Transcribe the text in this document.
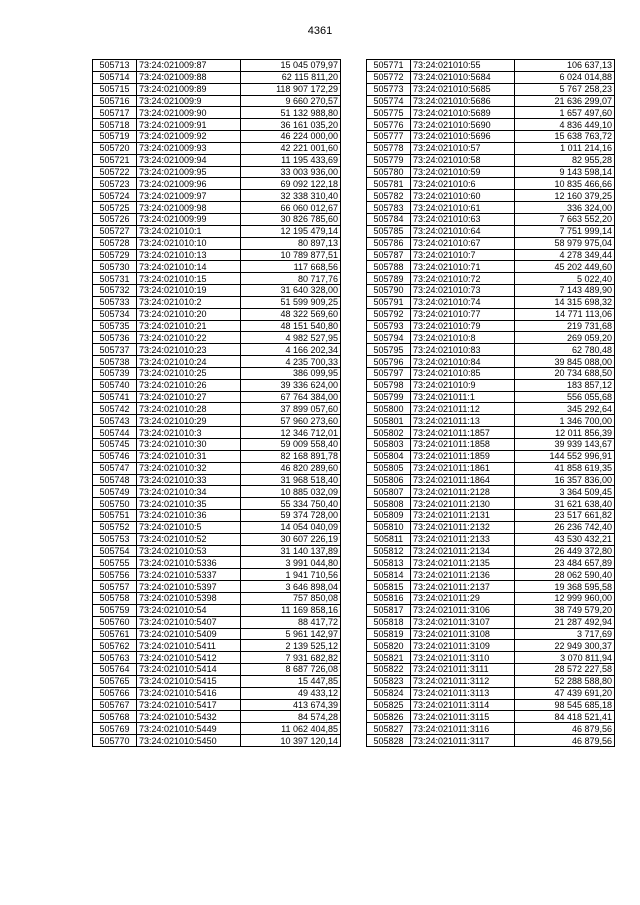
4361
505713	73:24:021009:87	15 045 079,97
505714	73:24:021009:88	62 115 811,20
505715	73:24:021009:89	118 907 172,29
505716	73:24:021009:9	9 660 270,57
505717	73:24:021009:90	51 132 988,80
505718	73:24:021009:91	36 161 035,20
505719	73:24:021009:92	46 224 000,00
505720	73:24:021009:93	42 221 001,60
505721	73:24:021009:94	11 195 433,69
505722	73:24:021009:95	33 003 936,00
505723	73:24:021009:96	69 092 122,18
505724	73:24:021009:97	32 338 310,40
505725	73:24:021009:98	66 060 012,67
505726	73:24:021009:99	30 826 785,60
505727	73:24:021010:1	12 195 479,14
505728	73:24:021010:10	80 897,13
505729	73:24:021010:13	10 789 877,51
505730	73:24:021010:14	117 668,56
505731	73:24:021010:15	80 717,76
505732	73:24:021010:19	31 640 328,00
505733	73:24:021010:2	51 599 909,25
505734	73:24:021010:20	48 322 569,60
505735	73:24:021010:21	48 151 540,80
505736	73:24:021010:22	4 982 527,95
505737	73:24:021010:23	4 166 202,34
505738	73:24:021010:24	4 235 700,33
505739	73:24:021010:25	386 099,95
505740	73:24:021010:26	39 336 624,00
505741	73:24:021010:27	67 764 384,00
505742	73:24:021010:28	37 899 057,60
505743	73:24:021010:29	57 960 273,60
505744	73:24:021010:3	12 346 712,01
505745	73:24:021010:30	59 009 558,40
505746	73:24:021010:31	82 168 891,78
505747	73:24:021010:32	46 820 289,60
505748	73:24:021010:33	31 968 518,40
505749	73:24:021010:34	10 885 032,09
505750	73:24:021010:35	55 334 750,40
505751	73:24:021010:36	59 374 728,00
505752	73:24:021010:5	14 054 040,09
505753	73:24:021010:52	30 607 226,19
505754	73:24:021010:53	31 140 137,89
505755	73:24:021010:5336	3 991 044,80
505756	73:24:021010:5337	1 941 710,56
505757	73:24:021010:5397	3 646 898,04
505758	73:24:021010:5398	757 850,08
505759	73:24:021010:54	11 169 858,16
505760	73:24:021010:5407	88 417,72
505761	73:24:021010:5409	5 961 142,97
505762	73:24:021010:5411	2 139 525,12
505763	73:24:021010:5412	7 931 682,82
505764	73:24:021010:5414	8 687 726,08
505765	73:24:021010:5415	15 447,85
505766	73:24:021010:5416	49 433,12
505767	73:24:021010:5417	413 674,39
505768	73:24:021010:5432	84 574,28
505769	73:24:021010:5449	11 062 404,85
505770	73:24:021010:5450	10 397 120,14
505771	73:24:021010:55	106 637,13
505772	73:24:021010:5684	6 024 014,88
505773	73:24:021010:5685	5 767 258,23
505774	73:24:021010:5686	21 636 299,07
505775	73:24:021010:5689	1 657 497,60
505776	73:24:021010:5690	4 836 449,10
505777	73:24:021010:5696	15 638 763,72
505778	73:24:021010:57	1 011 214,16
505779	73:24:021010:58	82 955,28
505780	73:24:021010:59	9 143 598,14
505781	73:24:021010:6	10 835 466,66
505782	73:24:021010:60	12 160 379,25
505783	73:24:021010:61	336 324,00
505784	73:24:021010:63	7 663 552,20
505785	73:24:021010:64	7 751 999,14
505786	73:24:021010:67	58 979 975,04
505787	73:24:021010:7	4 278 349,44
505788	73:24:021010:71	45 202 449,60
505789	73:24:021010:72	5 022,40
505790	73:24:021010:73	7 143 489,90
505791	73:24:021010:74	14 315 698,32
505792	73:24:021010:77	14 771 113,06
505793	73:24:021010:79	219 731,68
505794	73:24:021010:8	269 059,20
505795	73:24:021010:83	62 780,48
505796	73:24:021010:84	39 845 088,00
505797	73:24:021010:85	20 734 688,50
505798	73:24:021010:9	183 857,12
505799	73:24:021011:1	556 055,68
505800	73:24:021011:12	345 292,64
505801	73:24:021011:13	1 346 700,00
505802	73:24:021011:1857	12 011 856,39
505803	73:24:021011:1858	39 939 143,67
505804	73:24:021011:1859	144 552 996,91
505805	73:24:021011:1861	41 858 619,35
505806	73:24:021011:1864	16 357 836,00
505807	73:24:021011:2128	3 364 509,45
505808	73:24:021011:2130	31 621 638,40
505809	73:24:021011:2131	23 517 661,82
505810	73:24:021011:2132	26 236 742,40
505811	73:24:021011:2133	43 530 432,21
505812	73:24:021011:2134	26 449 372,80
505813	73:24:021011:2135	23 484 657,89
505814	73:24:021011:2136	28 062 590,40
505815	73:24:021011:2137	19 368 595,58
505816	73:24:021011:29	12 999 960,00
505817	73:24:021011:3106	38 749 579,20
505818	73:24:021011:3107	21 287 492,94
505819	73:24:021011:3108	3 717,69
505820	73:24:021011:3109	22 949 300,37
505821	73:24:021011:3110	3 070 811,94
505822	73:24:021011:3111	28 572 227,58
505823	73:24:021011:3112	52 288 588,80
505824	73:24:021011:3113	47 439 691,20
505825	73:24:021011:3114	98 545 685,18
505826	73:24:021011:3115	84 418 521,41
505827	73:24:021011:3116	46 879,56
505828	73:24:021011:3117	46 879,56
